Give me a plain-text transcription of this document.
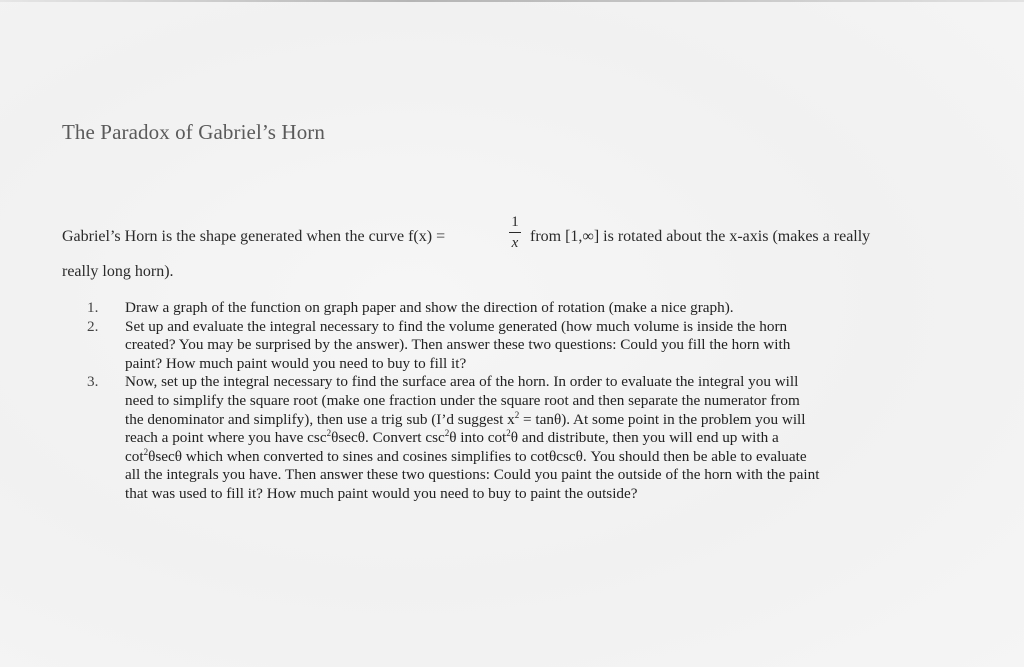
The Paradox of Gabriel’s Horn
Gabriel’s Horn is the shape generated when the curve f(x) =
1
x from [1,∞] is rotated about the x-axis (makes a really
really long horn).
1. Draw a graph of the function on graph paper and show the direction of rotation (make a nice graph).
2. Set up and evaluate the integral necessary to find the volume generated (how much volume is inside the horn
created? You may be surprised by the answer). Then answer these two questions: Could you fill the horn with
paint? How much paint would you need to buy to fill it?
3. Now, set up the integral necessary to find the surface area of the horn. In order to evaluate the integral you will
need to simplify the square root (make one fraction under the square root and then separate the numerator from
the denominator and simplify), then use a trig sub (I’d suggest $x^2 = \tan\theta$). At some point in the problem you will
reach a point where you have $\csc^2\theta\sec\theta$. Convert $\csc^2\theta$ into $\cot^2\theta$ and distribute, then you will end up with a
$\cot^2\theta\sec\theta$ which when converted to sines and cosines simplifies to cotθcscθ. You should then be able to evaluate
all the integrals you have. Then answer these two questions: Could you paint the outside of the horn with the paint
that was used to fill it? How much paint would you need to buy to paint the outside?
